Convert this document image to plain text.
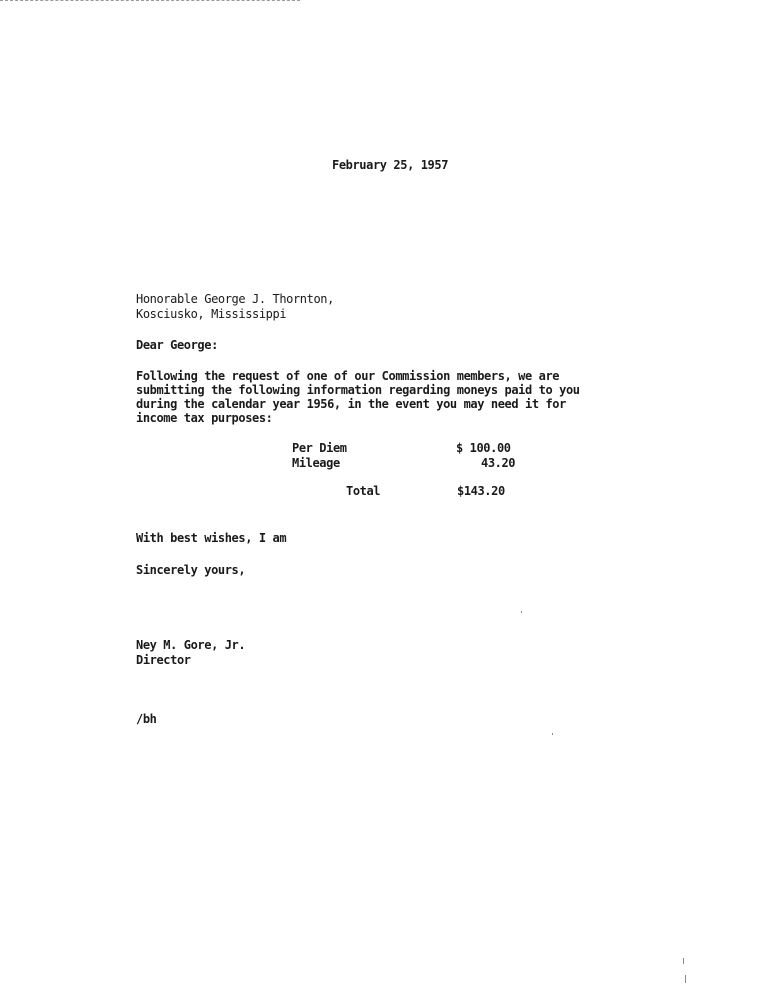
February 25, 1957
Honorable George J. Thornton,
Kosciusko, Mississippi
Dear George:
Following the request of one of our Commission members, we are
submitting the following information regarding moneys paid to you
during the calendar year 1956, in the event you may need it for
income tax purposes:
Per Diem	$ 100.00
Mileage	43.20
Total	$143.20
With best wishes, I am
Sincerely yours,
Ney M. Gore, Jr.
Director
/bh
